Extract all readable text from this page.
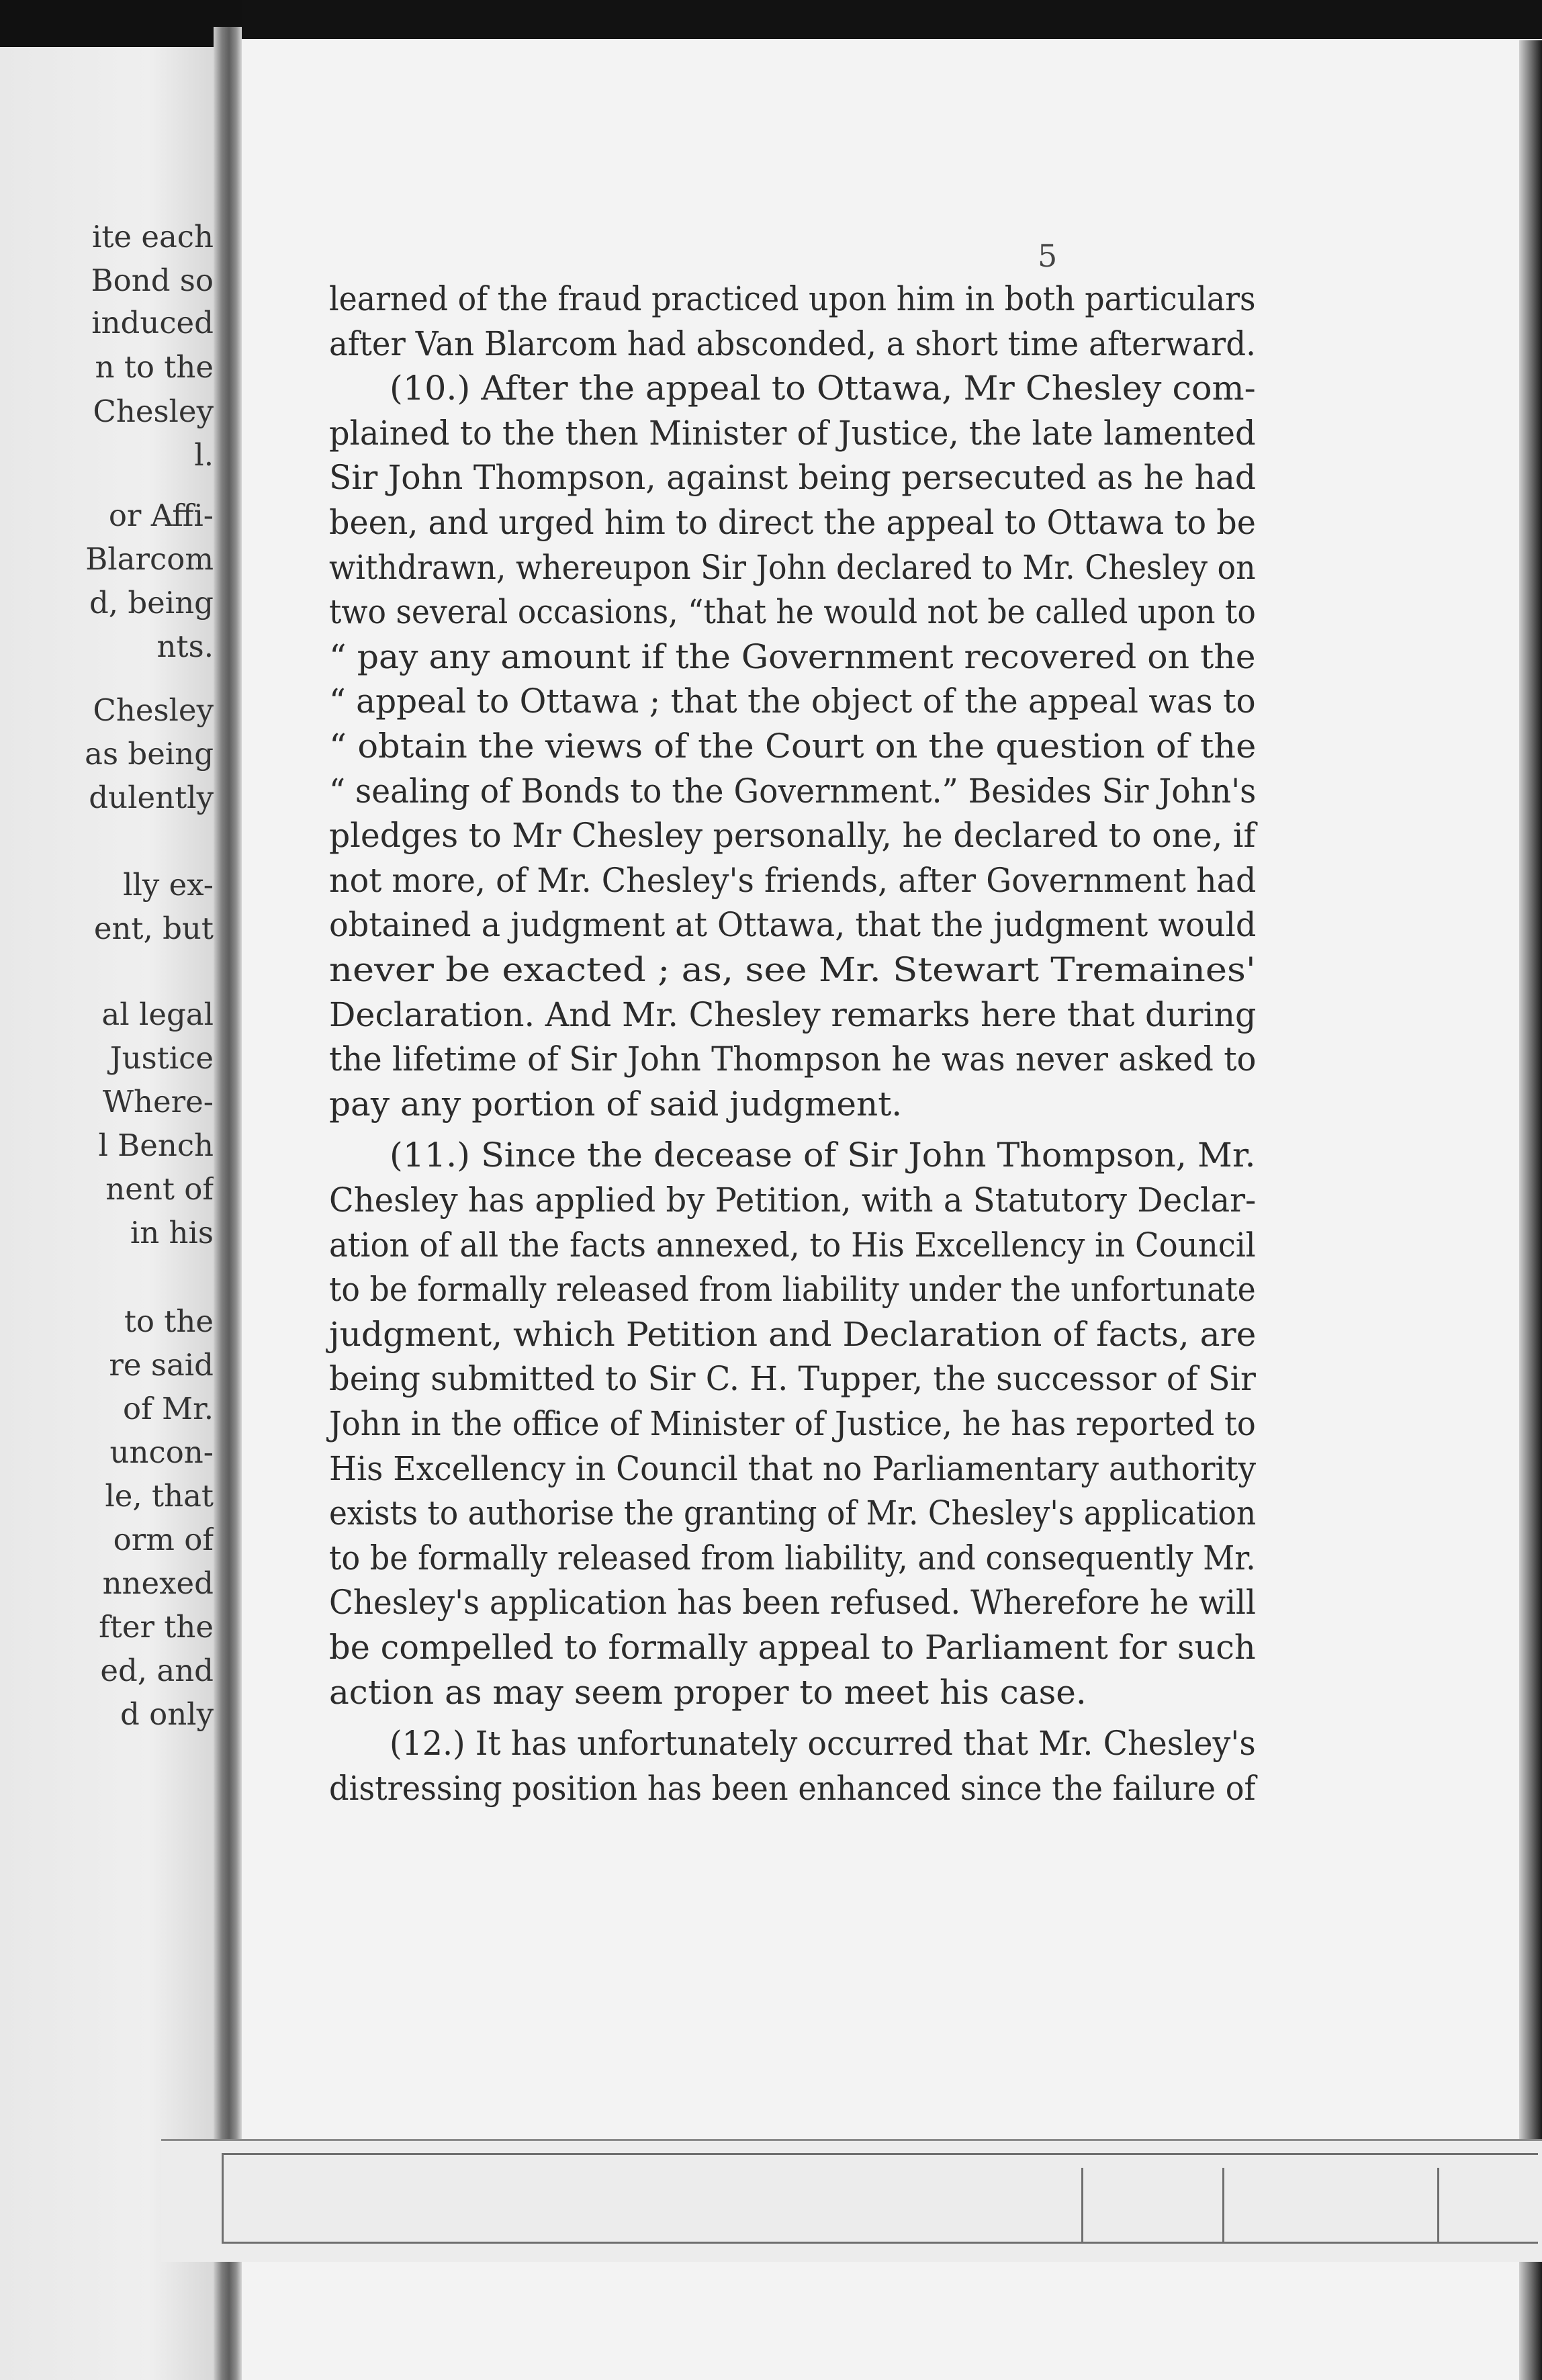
ite each
Bond so
induced
n to the
Chesley
l.
or Affi-
Blarcom
d, being
nts.
Chesley
as being
dulently
lly ex-
ent, but
al legal
Justice
Where-
l Bench
nent of
in his
to the
re said
of Mr.
uncon-
le, that
orm of
nnexed
fter the
ed, and
d only
5
learned of the fraud practiced upon him in both particulars
after Van Blarcom had absconded, a short time afterward.
(10.) After the appeal to Ottawa, Mr Chesley com-
plained to the then Minister of Justice, the late lamented
Sir John Thompson, against being persecuted as he had
been, and urged him to direct the appeal to Ottawa to be
withdrawn, whereupon Sir John declared to Mr. Chesley on
two several occasions, “that he would not be called upon to
“ pay any amount if the Government recovered on the
“ appeal to Ottawa ; that the object of the appeal was to
“ obtain the views of the Court on the question of the
“ sealing of Bonds to the Government.” Besides Sir John's
pledges to Mr Chesley personally, he declared to one, if
not more, of Mr. Chesley's friends, after Government had
obtained a judgment at Ottawa, that the judgment would
never be exacted ; as, see Mr. Stewart Tremaines'
Declaration. And Mr. Chesley remarks here that during
the lifetime of Sir John Thompson he was never asked to
pay any portion of said judgment.
(11.) Since the decease of Sir John Thompson, Mr.
Chesley has applied by Petition, with a Statutory Declar-
ation of all the facts annexed, to His Excellency in Council
to be formally released from liability under the unfortunate
judgment, which Petition and Declaration of facts, are
being submitted to Sir C. H. Tupper, the successor of Sir
John in the office of Minister of Justice, he has reported to
His Excellency in Council that no Parliamentary authority
exists to authorise the granting of Mr. Chesley's application
to be formally released from liability, and consequently Mr.
Chesley's application has been refused. Wherefore he will
be compelled to formally appeal to Parliament for such
action as may seem proper to meet his case.
(12.) It has unfortunately occurred that Mr. Chesley's
distressing position has been enhanced since the failure of
